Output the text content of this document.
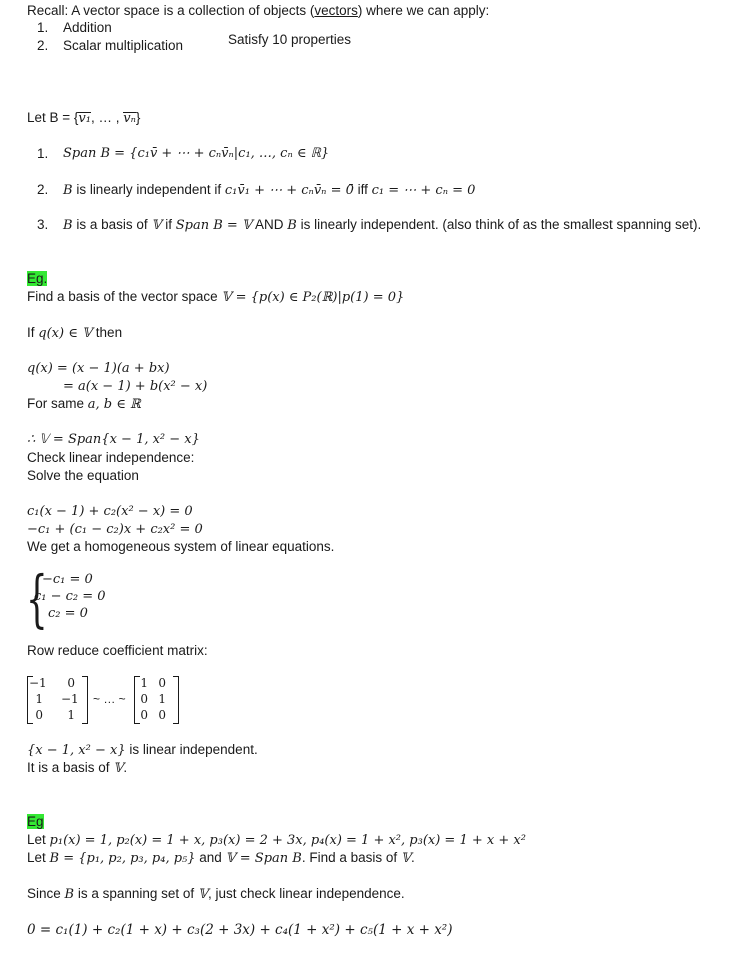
Recall: A vector space is a collection of objects (vectors) where we can apply:
1. Addition
2. Scalar multiplication	Satisfy 10 properties
Let B = {v₁, … , vₙ}
1. Span B = {c₁v̄ + ⋯ + cₙv̄ₙ|c₁, …, cₙ ∈ ℝ}
2. B is linearly independent if c₁v̄₁ + ⋯ + cₙv̄ₙ = 0̄ iff c₁ = ⋯ + cₙ = 0
3. B is a basis of 𝕍 if Span B = 𝕍 AND B is linearly independent. (also think of as the smallest spanning set).
Eg.
Find a basis of the vector space 𝕍 = {p(x) ∈ P₂(ℝ)|p(1) = 0}
If q(x) ∈ 𝕍 then
q(x) = (x − 1)(a + bx)
= a(x − 1) + b(x² − x)
For same a, b ∈ ℝ
∴ 𝕍 = Span{x − 1, x² − x}
Check linear independence:
Solve the equation
c₁(x − 1) + c₂(x² − x) = 0
−c₁ + (c₁ − c₂)x + c₂x² = 0
We get a homogeneous system of linear equations.
{
−c₁ = 0
c₁ − c₂ = 0
c₂ = 0
Row reduce coefficient matrix:
−1	0
1 −1
0	1
~ … ~
1 0
0 1
0 0
{x − 1, x² − x} is linear independent.
It is a basis of 𝕍.
Eg
Let p₁(x) = 1, p₂(x) = 1 + x, p₃(x) = 2 + 3x, p₄(x) = 1 + x², p₃(x) = 1 + x + x²
Let B = {p₁, p₂, p₃, p₄, p₅} and 𝕍 = Span B. Find a basis of 𝕍.
Since B is a spanning set of 𝕍, just check linear independence.
0 = c₁(1) + c₂(1 + x) + c₃(2 + 3x) + c₄(1 + x²) + c₅(1 + x + x²)
